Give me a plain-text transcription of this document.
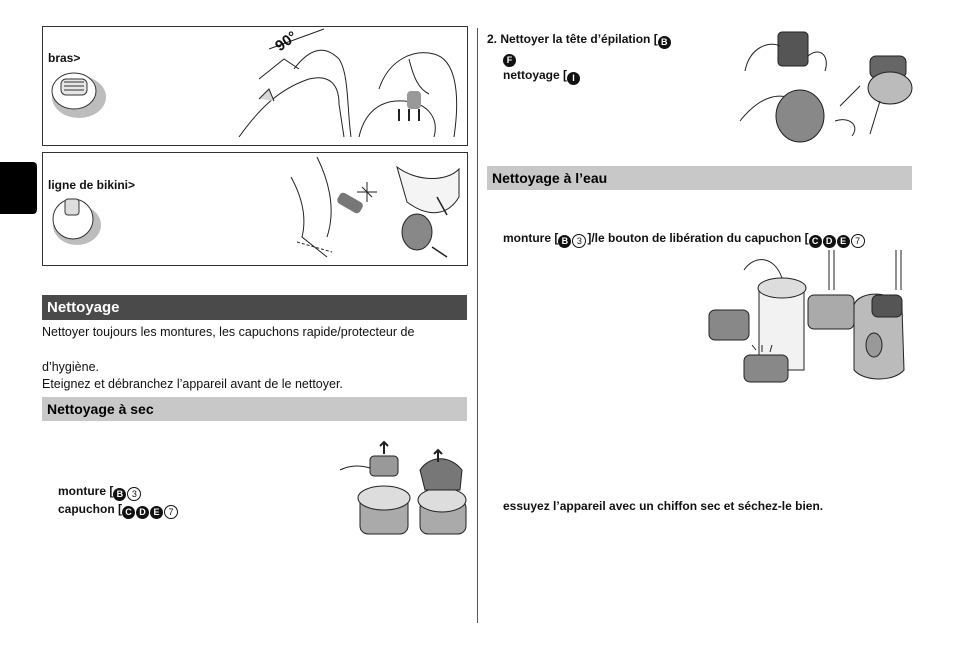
bras>
90°
ligne de bikini>
Nettoyage
Nettoyer toujours les montures, les capuchons rapide/protecteur de
d’hygiène.
Eteignez et débranchez l’appareil avant de le nettoyer.
Nettoyage à sec
monture [ B 3
capuchon [ C D E 7
2. Nettoyer la tête d’épilation [ B
F
nettoyage [ I
Nettoyage à l’eau
monture [ B 3 ]/le bouton de libération du capuchon [ C D E 7
essuyez l’appareil avec un chiffon sec et séchez-le bien.
